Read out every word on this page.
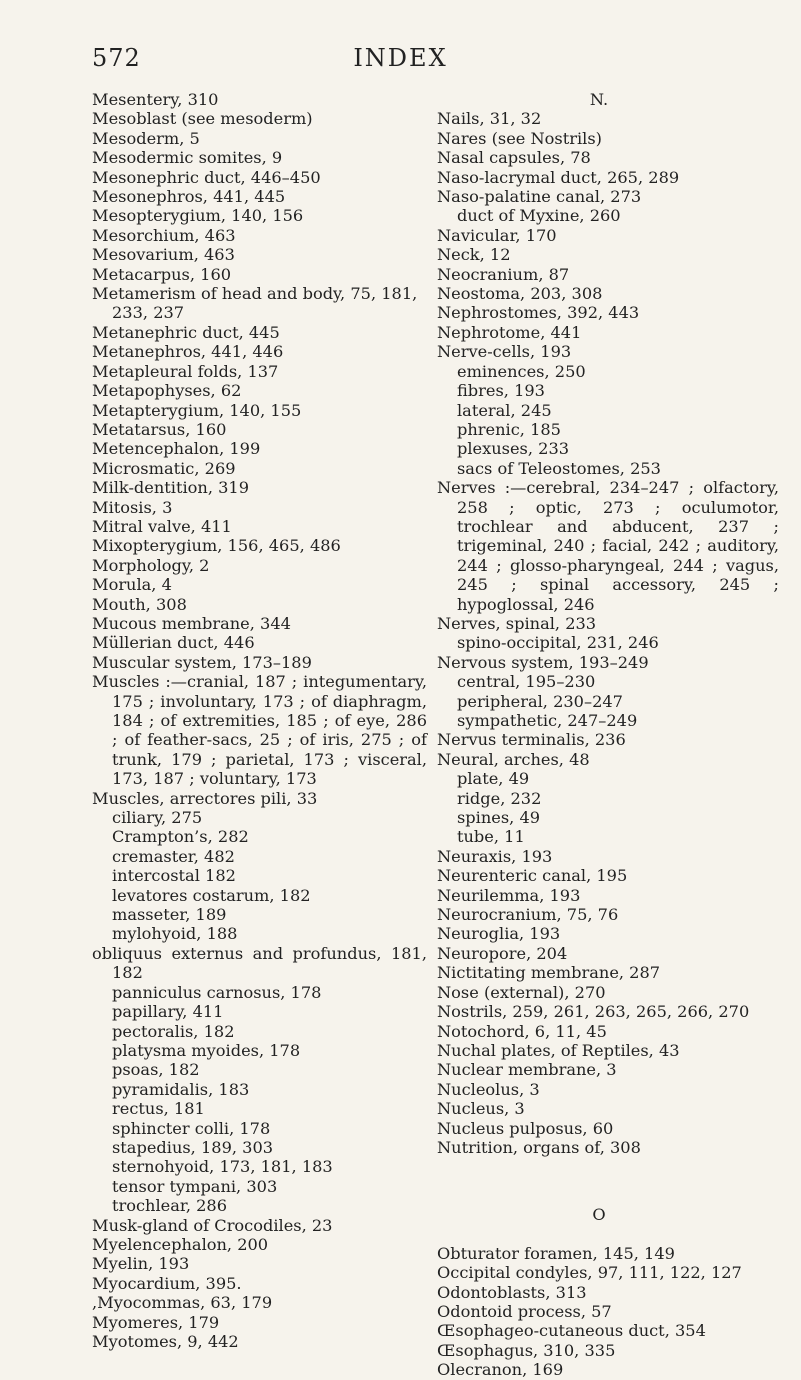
572	INDEX
Mesentery, 310
Mesoblast (see mesoderm)
Mesoderm, 5
Mesodermic somites, 9
Mesonephric duct, 446–450
Mesonephros, 441, 445
Mesopterygium, 140, 156
Mesorchium, 463
Mesovarium, 463
Metacarpus, 160
Metamerism of head and body, 75, 181, 233, 237
Metanephric duct, 445
Metanephros, 441, 446
Metapleural folds, 137
Metapophyses, 62
Metapterygium, 140, 155
Metatarsus, 160
Metencephalon, 199
Microsmatic, 269
Milk-dentition, 319
Mitosis, 3
Mitral valve, 411
Mixopterygium, 156, 465, 486
Morphology, 2
Morula, 4
Mouth, 308
Mucous membrane, 344
Müllerian duct, 446
Muscular system, 173–189
Muscles :—cranial, 187 ; integumentary, 175 ; involuntary, 173 ; of diaphragm, 184 ; of extremities, 185 ; of eye, 286 ; of feather-sacs, 25 ; of iris, 275 ; of trunk, 179 ; parietal, 173 ; visceral, 173, 187 ; voluntary, 173
Muscles, arrectores pili, 33
ciliary, 275
Crampton’s, 282
cremaster, 482
intercostal 182
levatores costarum, 182
masseter, 189
mylohyoid, 188
obliquus externus and profundus, 181, 182
panniculus carnosus, 178
papillary, 411
pectoralis, 182
platysma myoides, 178
psoas, 182
pyramidalis, 183
rectus, 181
sphincter colli, 178
stapedius, 189, 303
sternohyoid, 173, 181, 183
tensor tympani, 303
trochlear, 286
Musk-gland of Crocodiles, 23
Myelencephalon, 200
Myelin, 193
Myocardium, 395.
,Myocommas, 63, 179
Myomeres, 179
Myotomes, 9, 442
N.
Nails, 31, 32
Nares (see Nostrils)
Nasal capsules, 78
Naso-lacrymal duct, 265, 289
Naso-palatine canal, 273
duct of Myxine, 260
Navicular, 170
Neck, 12
Neocranium, 87
Neostoma, 203, 308
Nephrostomes, 392, 443
Nephrotome, 441
Nerve-cells, 193
eminences, 250
fibres, 193
lateral, 245
phrenic, 185
plexuses, 233
sacs of Teleostomes, 253
Nerves :—cerebral, 234–247 ; olfactory, 258 ; optic, 273 ; oculumotor, trochlear and abducent, 237 ; trigeminal, 240 ; facial, 242 ; auditory, 244 ; glosso-pharyngeal, 244 ; vagus, 245 ; spinal accessory, 245 ; hypoglossal, 246
Nerves, spinal, 233
spino-occipital, 231, 246
Nervous system, 193–249
central, 195–230
peripheral, 230–247
sympathetic, 247–249
Nervus terminalis, 236
Neural, arches, 48
plate, 49
ridge, 232
spines, 49
tube, 11
Neuraxis, 193
Neurenteric canal, 195
Neurilemma, 193
Neurocranium, 75, 76
Neuroglia, 193
Neuropore, 204
Nictitating membrane, 287
Nose (external), 270
Nostrils, 259, 261, 263, 265, 266, 270
Notochord, 6, 11, 45
Nuchal plates, of Reptiles, 43
Nuclear membrane, 3
Nucleolus, 3
Nucleus, 3
Nucleus pulposus, 60
Nutrition, organs of, 308
O
Obturator foramen, 145, 149
Occipital condyles, 97, 111, 122, 127
Odontoblasts, 313
Odontoid process, 57
Œsophageo-cutaneous duct, 354
Œsophagus, 310, 335
Olecranon, 169
